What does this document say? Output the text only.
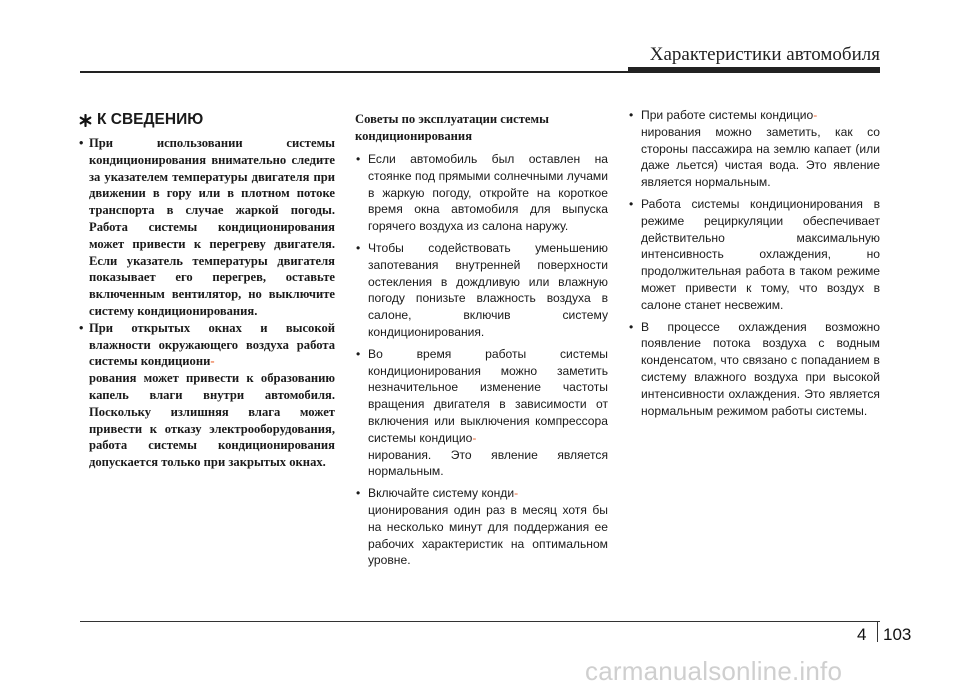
Характеристики автомобиля
К СВЕДЕНИЮ
• При использовании системы кондиционирования внимательно следите за указателем температуры двигателя при движении в гору или в плотном потоке транспорта в случае жаркой погоды. Работа системы кондиционирования может привести к перегреву двигателя. Если указатель температуры двигателя показывает его перегрев, оставьте включенным вентилятор, но выключите систему кондиционирования.
• При открытых окнах и высокой влажности окружающего воздуха работа системы кондициони-
рования может привести к образованию капель влаги внутри автомобиля. Поскольку излишняя влага может привести к отказу электрооборудования, работа системы кондиционирования допускается только при закрытых окнах.
Советы по эксплуатации системы кондиционирования
• Если автомобиль был оставлен на стоянке под прямыми солнечными лучами в жаркую погоду, откройте на короткое время окна автомобиля для выпуска горячего воздуха из салона наружу.
• Чтобы содействовать уменьшению запотевания внутренней поверхности остекления в дождливую или влажную погоду понизьте влажность воздуха в салоне, включив систему кондиционирования.
• Во время работы системы кондиционирования можно заметить незначительное изменение частоты вращения двигателя в зависимости от включения или выключения компрессора системы кондицио-
нирования. Это явление является нормальным.
• Включайте систему конди-
ционирования один раз в месяц хотя бы на несколько минут для поддержания ее рабочих характеристик на оптимальном уровне.
• При работе системы кондицио-
нирования можно заметить, как со стороны пассажира на землю капает (или даже льется) чистая вода. Это явление является нормальным.
• Работа системы кондиционирования в режиме рециркуляции обеспечивает действительно максимальную интенсивность охлаждения, но продолжительная работа в таком режиме может привести к тому, что воздух в салоне станет несвежим.
• В процессе охлаждения возможно появление потока воздуха с водным конденсатом, что связано с попаданием в систему влажного воздуха при высокой интенсивности охлаждения. Это является нормальным режимом работы системы.
4 103
carmanualsonline.info
